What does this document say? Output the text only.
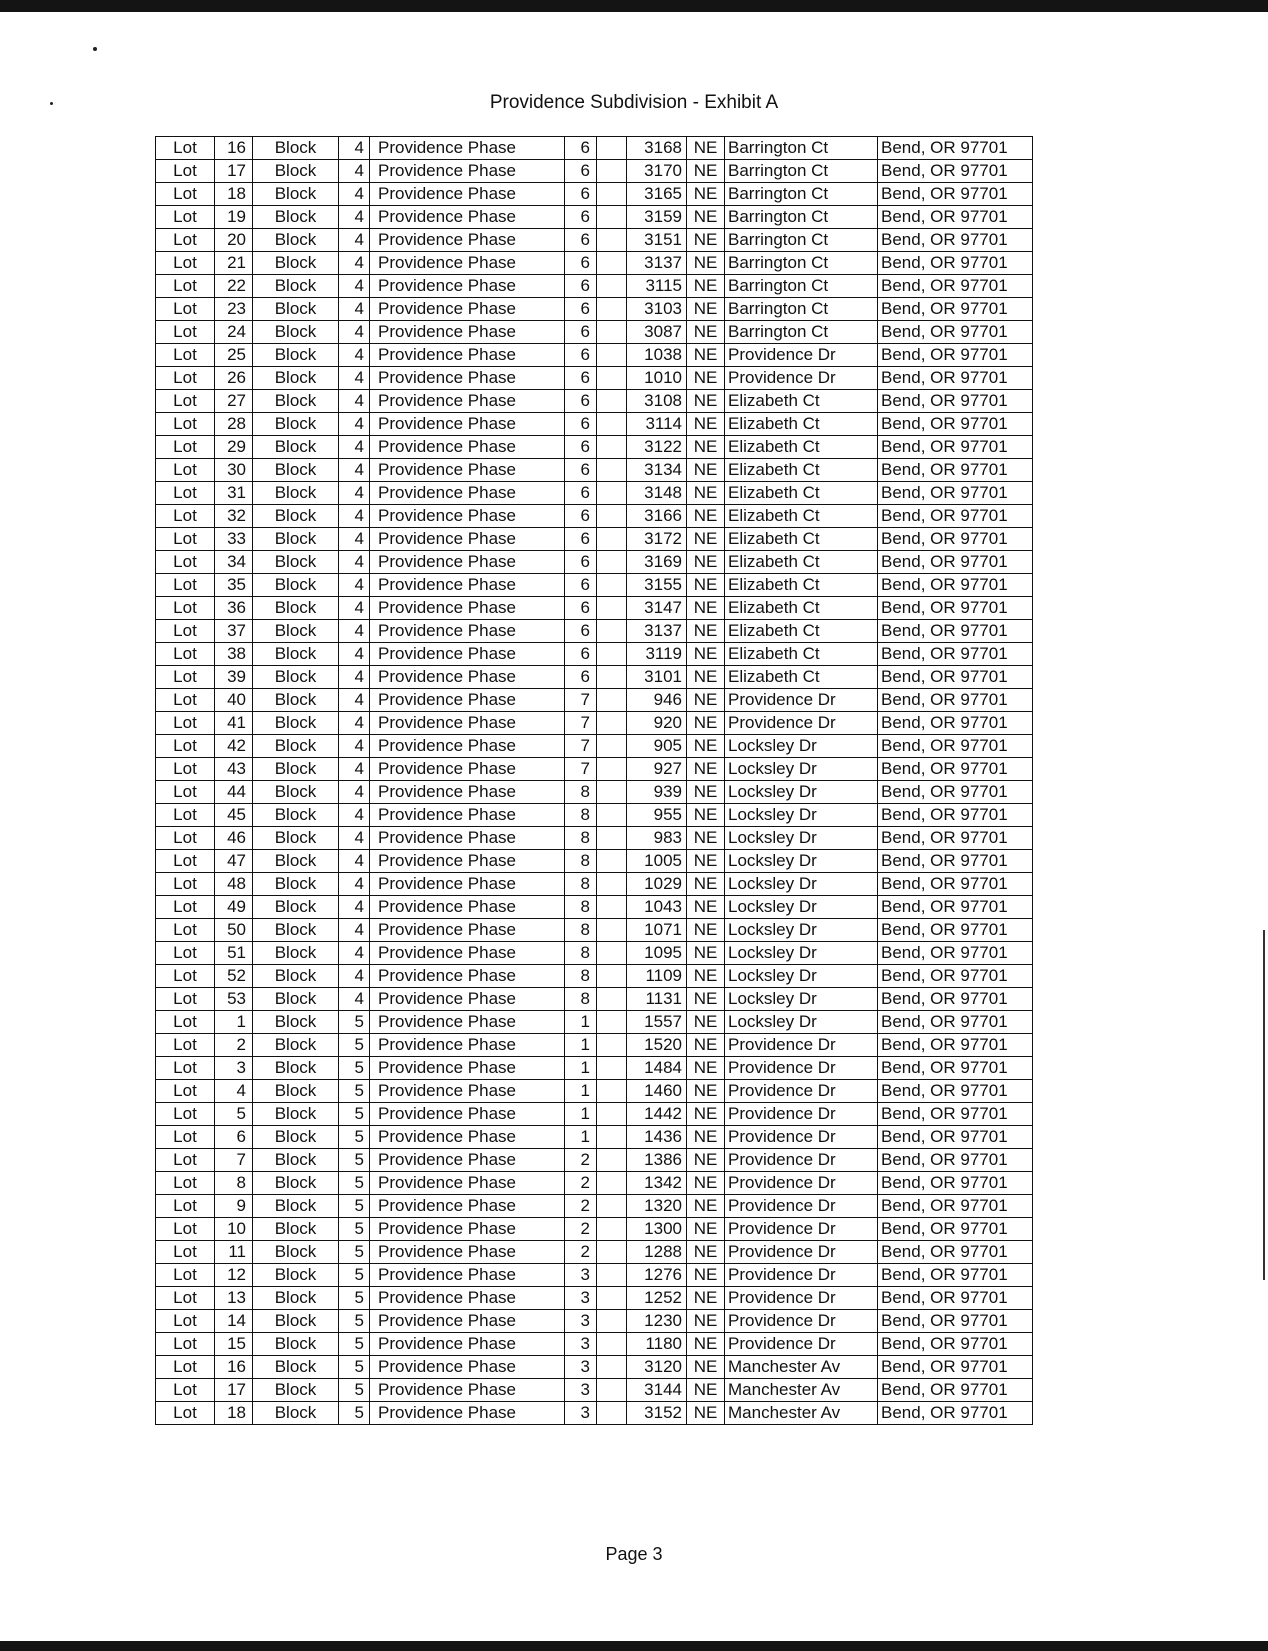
Providence Subdivision - Exhibit A
Lot	16	Block	4	Providence Phase	6		3168	NE	Barrington Ct	Bend, OR 97701
Lot	17	Block	4	Providence Phase	6		3170	NE	Barrington Ct	Bend, OR 97701
Lot	18	Block	4	Providence Phase	6		3165	NE	Barrington Ct	Bend, OR 97701
Lot	19	Block	4	Providence Phase	6		3159	NE	Barrington Ct	Bend, OR 97701
Lot	20	Block	4	Providence Phase	6		3151	NE	Barrington Ct	Bend, OR 97701
Lot	21	Block	4	Providence Phase	6		3137	NE	Barrington Ct	Bend, OR 97701
Lot	22	Block	4	Providence Phase	6		3115	NE	Barrington Ct	Bend, OR 97701
Lot	23	Block	4	Providence Phase	6		3103	NE	Barrington Ct	Bend, OR 97701
Lot	24	Block	4	Providence Phase	6		3087	NE	Barrington Ct	Bend, OR 97701
Lot	25	Block	4	Providence Phase	6		1038	NE	Providence Dr	Bend, OR 97701
Lot	26	Block	4	Providence Phase	6		1010	NE	Providence Dr	Bend, OR 97701
Lot	27	Block	4	Providence Phase	6		3108	NE	Elizabeth Ct	Bend, OR 97701
Lot	28	Block	4	Providence Phase	6		3114	NE	Elizabeth Ct	Bend, OR 97701
Lot	29	Block	4	Providence Phase	6		3122	NE	Elizabeth Ct	Bend, OR 97701
Lot	30	Block	4	Providence Phase	6		3134	NE	Elizabeth Ct	Bend, OR 97701
Lot	31	Block	4	Providence Phase	6		3148	NE	Elizabeth Ct	Bend, OR 97701
Lot	32	Block	4	Providence Phase	6		3166	NE	Elizabeth Ct	Bend, OR 97701
Lot	33	Block	4	Providence Phase	6		3172	NE	Elizabeth Ct	Bend, OR 97701
Lot	34	Block	4	Providence Phase	6		3169	NE	Elizabeth Ct	Bend, OR 97701
Lot	35	Block	4	Providence Phase	6		3155	NE	Elizabeth Ct	Bend, OR 97701
Lot	36	Block	4	Providence Phase	6		3147	NE	Elizabeth Ct	Bend, OR 97701
Lot	37	Block	4	Providence Phase	6		3137	NE	Elizabeth Ct	Bend, OR 97701
Lot	38	Block	4	Providence Phase	6		3119	NE	Elizabeth Ct	Bend, OR 97701
Lot	39	Block	4	Providence Phase	6		3101	NE	Elizabeth Ct	Bend, OR 97701
Lot	40	Block	4	Providence Phase	7		946	NE	Providence Dr	Bend, OR 97701
Lot	41	Block	4	Providence Phase	7		920	NE	Providence Dr	Bend, OR 97701
Lot	42	Block	4	Providence Phase	7		905	NE	Locksley Dr	Bend, OR 97701
Lot	43	Block	4	Providence Phase	7		927	NE	Locksley Dr	Bend, OR 97701
Lot	44	Block	4	Providence Phase	8		939	NE	Locksley Dr	Bend, OR 97701
Lot	45	Block	4	Providence Phase	8		955	NE	Locksley Dr	Bend, OR 97701
Lot	46	Block	4	Providence Phase	8		983	NE	Locksley Dr	Bend, OR 97701
Lot	47	Block	4	Providence Phase	8		1005	NE	Locksley Dr	Bend, OR 97701
Lot	48	Block	4	Providence Phase	8		1029	NE	Locksley Dr	Bend, OR 97701
Lot	49	Block	4	Providence Phase	8		1043	NE	Locksley Dr	Bend, OR 97701
Lot	50	Block	4	Providence Phase	8		1071	NE	Locksley Dr	Bend, OR 97701
Lot	51	Block	4	Providence Phase	8		1095	NE	Locksley Dr	Bend, OR 97701
Lot	52	Block	4	Providence Phase	8		1109	NE	Locksley Dr	Bend, OR 97701
Lot	53	Block	4	Providence Phase	8		1131	NE	Locksley Dr	Bend, OR 97701
Lot	1	Block	5	Providence Phase	1		1557	NE	Locksley Dr	Bend, OR 97701
Lot	2	Block	5	Providence Phase	1		1520	NE	Providence Dr	Bend, OR 97701
Lot	3	Block	5	Providence Phase	1		1484	NE	Providence Dr	Bend, OR 97701
Lot	4	Block	5	Providence Phase	1		1460	NE	Providence Dr	Bend, OR 97701
Lot	5	Block	5	Providence Phase	1		1442	NE	Providence Dr	Bend, OR 97701
Lot	6	Block	5	Providence Phase	1		1436	NE	Providence Dr	Bend, OR 97701
Lot	7	Block	5	Providence Phase	2		1386	NE	Providence Dr	Bend, OR 97701
Lot	8	Block	5	Providence Phase	2		1342	NE	Providence Dr	Bend, OR 97701
Lot	9	Block	5	Providence Phase	2		1320	NE	Providence Dr	Bend, OR 97701
Lot	10	Block	5	Providence Phase	2		1300	NE	Providence Dr	Bend, OR 97701
Lot	11	Block	5	Providence Phase	2		1288	NE	Providence Dr	Bend, OR 97701
Lot	12	Block	5	Providence Phase	3		1276	NE	Providence Dr	Bend, OR 97701
Lot	13	Block	5	Providence Phase	3		1252	NE	Providence Dr	Bend, OR 97701
Lot	14	Block	5	Providence Phase	3		1230	NE	Providence Dr	Bend, OR 97701
Lot	15	Block	5	Providence Phase	3		1180	NE	Providence Dr	Bend, OR 97701
Lot	16	Block	5	Providence Phase	3		3120	NE	Manchester Av	Bend, OR 97701
Lot	17	Block	5	Providence Phase	3		3144	NE	Manchester Av	Bend, OR 97701
Lot	18	Block	5	Providence Phase	3		3152	NE	Manchester Av	Bend, OR 97701
Page 3
